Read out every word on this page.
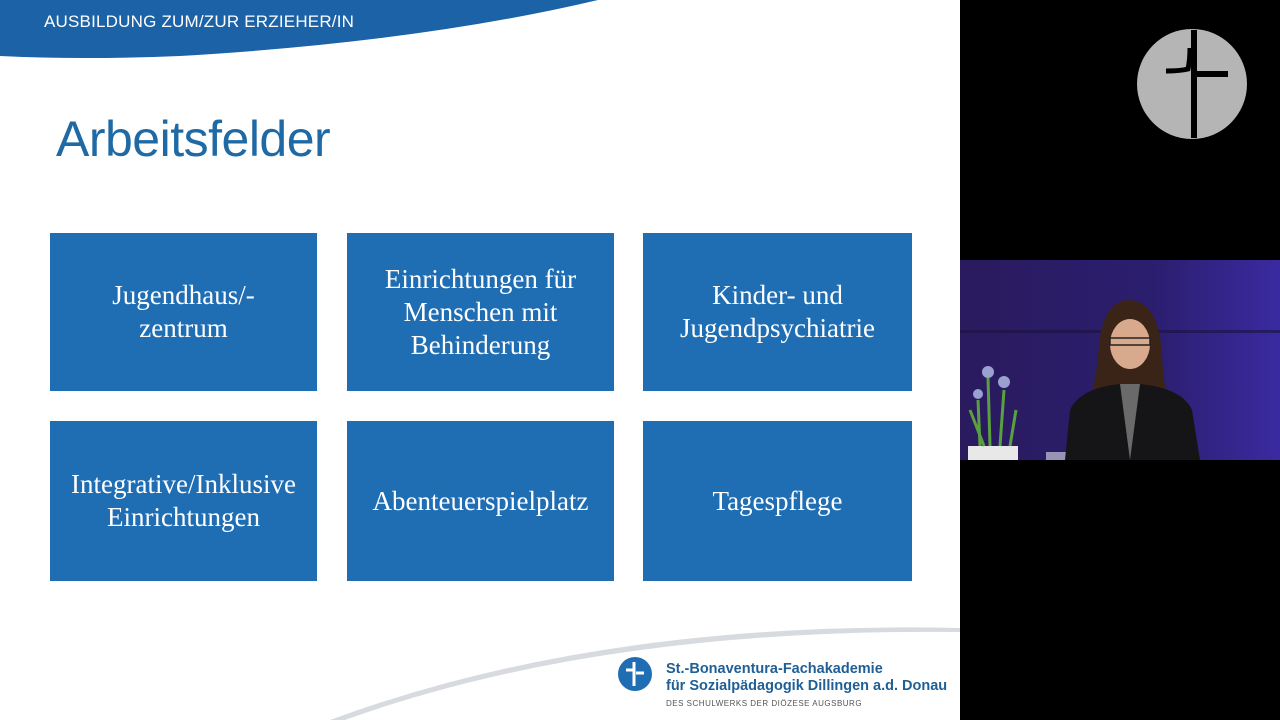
AUSBILDUNG ZUM/ZUR ERZIEHER/IN
Arbeitsfelder
Jugendhaus/-
zentrum
Einrichtungen für
Menschen mit
Behinderung
Kinder- und
Jugendpsychiatrie
Integrative/Inklusive
Einrichtungen
Abenteuerspielplatz	Tagespflege
St.-Bonaventura-Fachakademie
für Sozialpädagogik Dillingen a.d. Donau
DES SCHULWERKS DER DIÖZESE AUGSBURG
